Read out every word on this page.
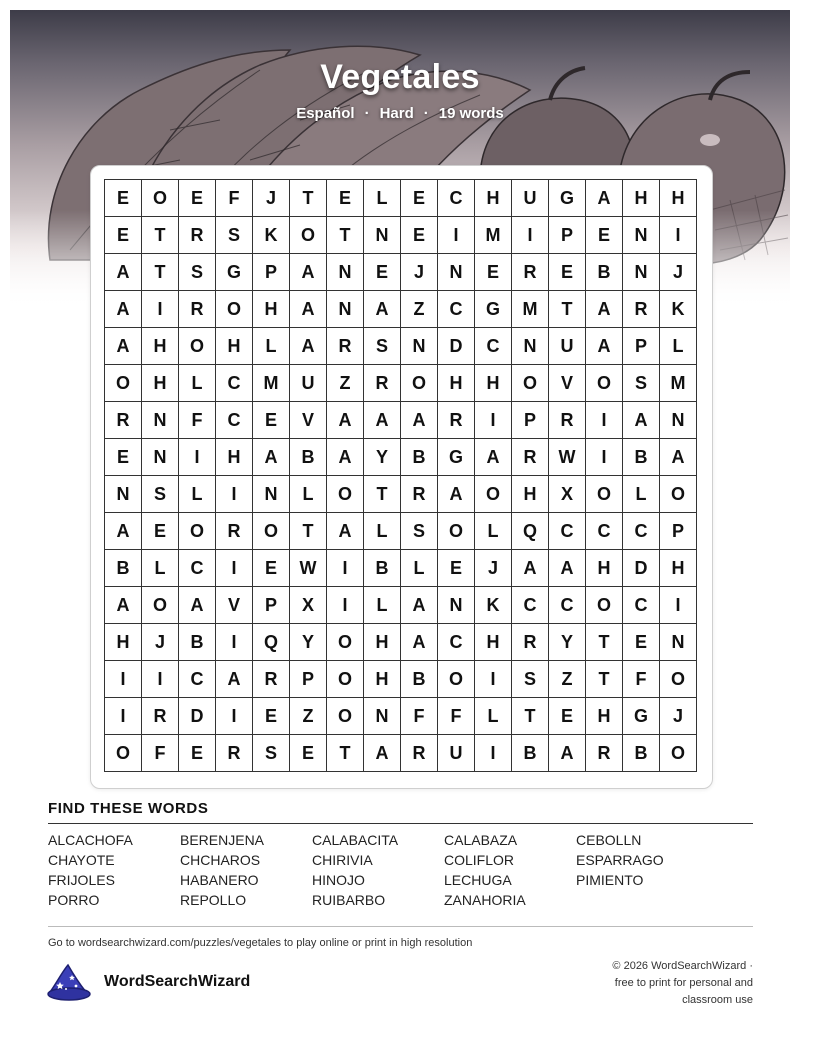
Vegetales
Español · Hard · 19 words
E	O	E	F	J	T	E	L	E	C	H	U	G	A	H	H
E	T	R	S	K	O	T	N	E	I	M	I	P	E	N	I
A	T	S	G	P	A	N	E	J	N	E	R	E	B	N	J
A	I	R	O	H	A	N	A	Z	C	G	M	T	A	R	K
A	H	O	H	L	A	R	S	N	D	C	N	U	A	P	L
O	H	L	C	M	U	Z	R	O	H	H	O	V	O	S	M
R	N	F	C	E	V	A	A	A	R	I	P	R	I	A	N
E	N	I	H	A	B	A	Y	B	G	A	R	W	I	B	A
N	S	L	I	N	L	O	T	R	A	O	H	X	O	L	O
A	E	O	R	O	T	A	L	S	O	L	Q	C	C	C	P
B	L	C	I	E	W	I	B	L	E	J	A	A	H	D	H
A	O	A	V	P	X	I	L	A	N	K	C	C	O	C	I
H	J	B	I	Q	Y	O	H	A	C	H	R	Y	T	E	N
I	I	C	A	R	P	O	H	B	O	I	S	Z	T	F	O
I	R	D	I	E	Z	O	N	F	F	L	T	E	H	G	J
O	F	E	R	S	E	T	A	R	U	I	B	A	R	B	O
FIND THESE WORDS
ALCACHOFA	BERENJENA	CALABACITA	CALABAZA	CEBOLLN
CHAYOTE	CHCHAROS	CHIRIVIA	COLIFLOR	ESPARRAGO
FRIJOLES	HABANERO	HINOJO	LECHUGA	PIMIENTO
PORRO	REPOLLO	RUIBARBO	ZANAHORIA
Go to wordsearchwizard.com/puzzles/vegetales to play online or print in high resolution
WordSearchWizard
© 2026 WordSearchWizard ·
free to print for personal and
classroom use
